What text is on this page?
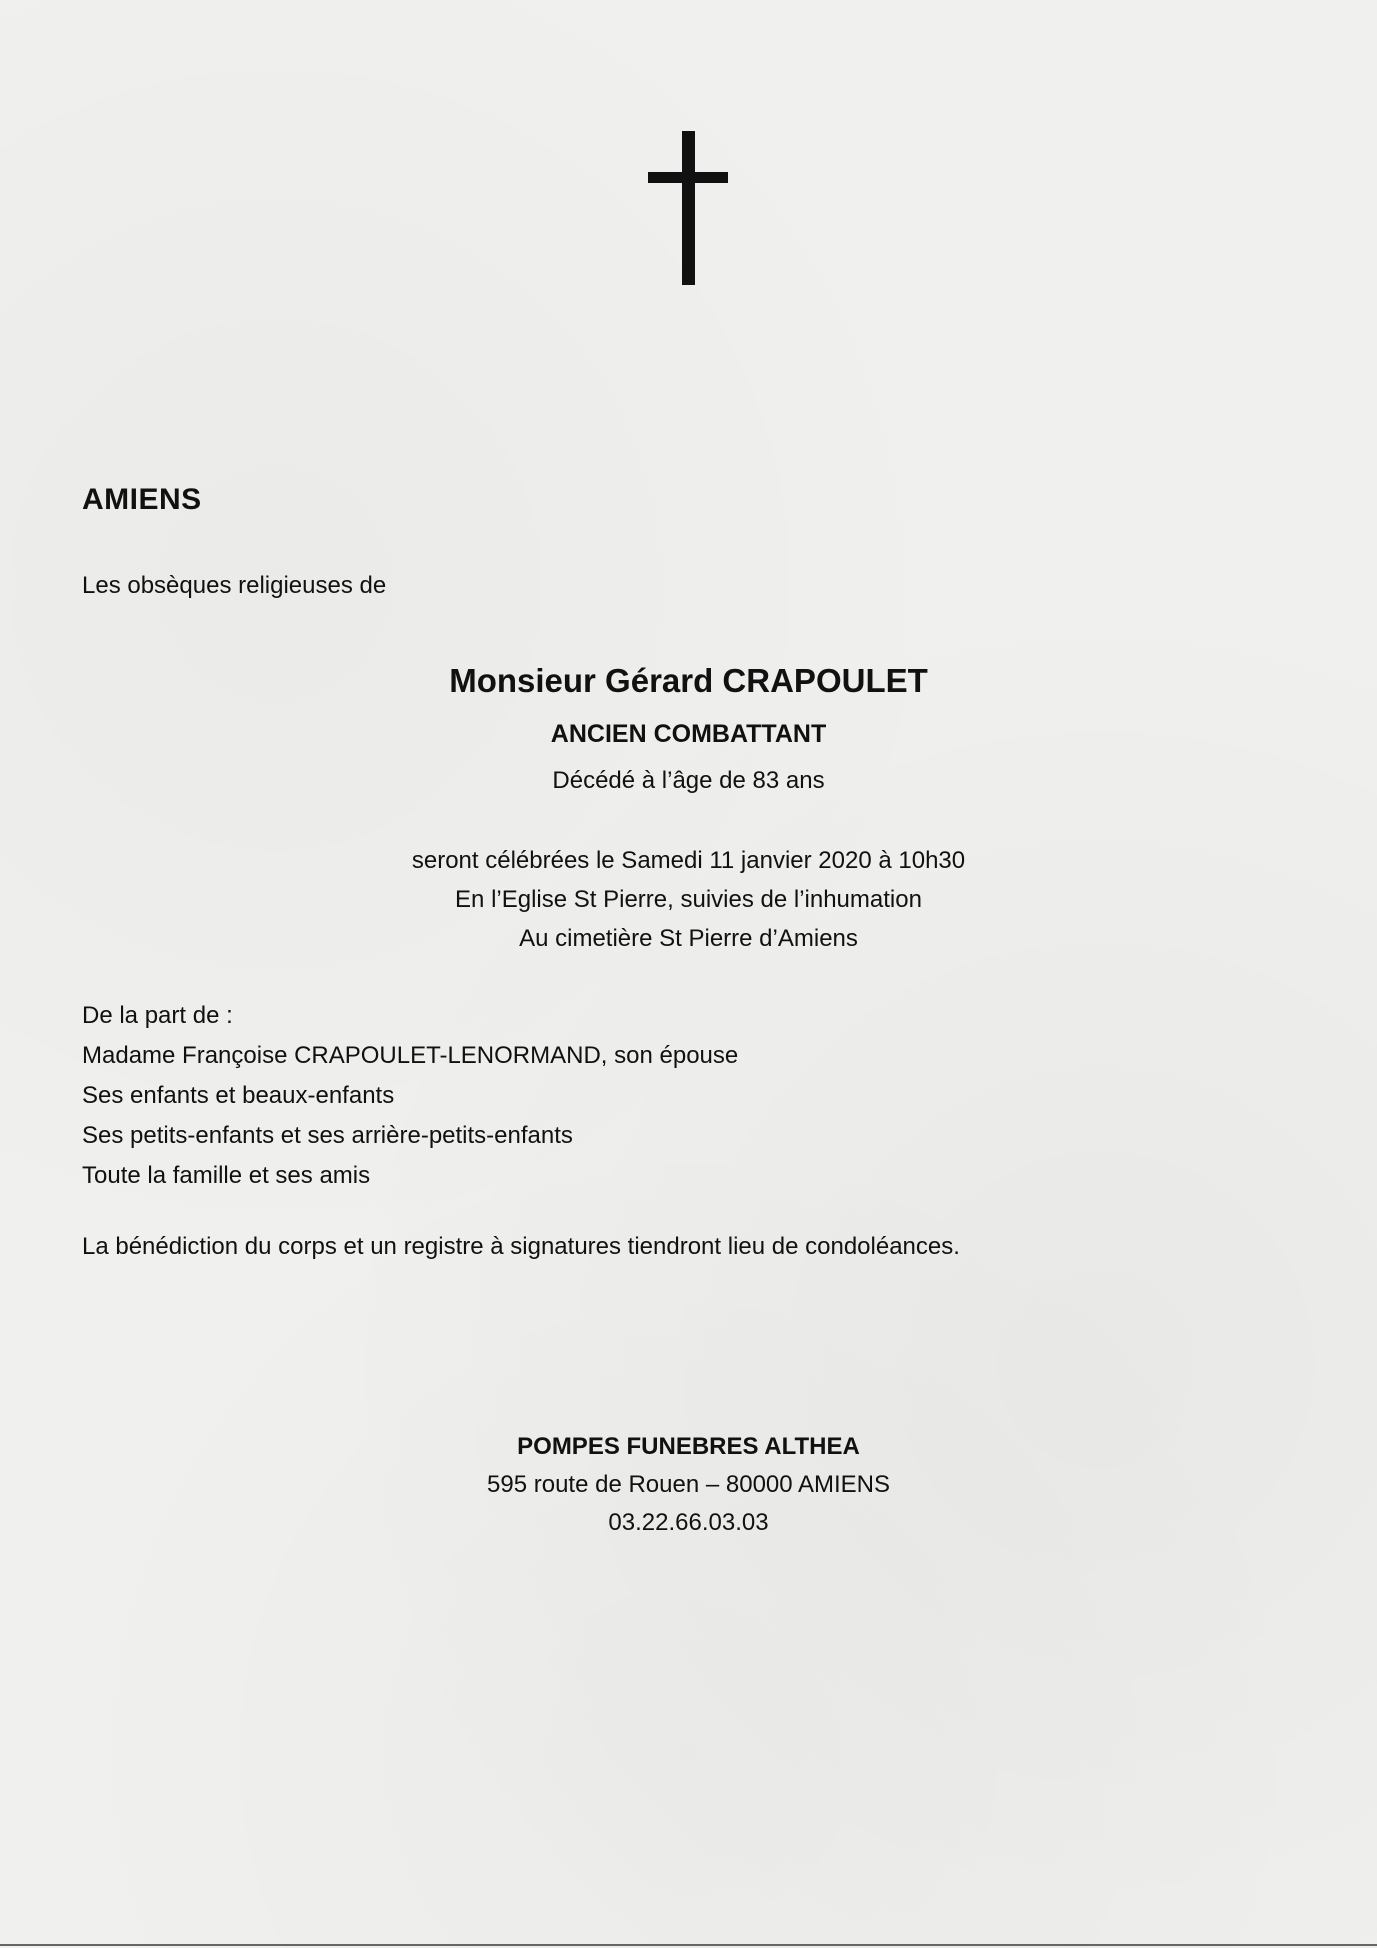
AMIENS

Les obsèques religieuses de

Monsieur Gérard CRAPOULET
ANCIEN COMBATTANT
Décédé à l’âge de 83 ans
seront célébrées le Samedi 11 janvier 2020 à 10h30
En l’Eglise St Pierre, suivies de l’inhumation
Au cimetière St Pierre d’Amiens
De la part de :
Madame Françoise CRAPOULET-LENORMAND, son épouse
Ses enfants et beaux-enfants
Ses petits-enfants et ses arrière-petits-enfants
Toute la famille et ses amis

La bénédiction du corps et un registre à signatures tiendront lieu de condoléances.

POMPES FUNEBRES ALTHEA
595 route de Rouen – 80000 AMIENS
03.22.66.03.03
